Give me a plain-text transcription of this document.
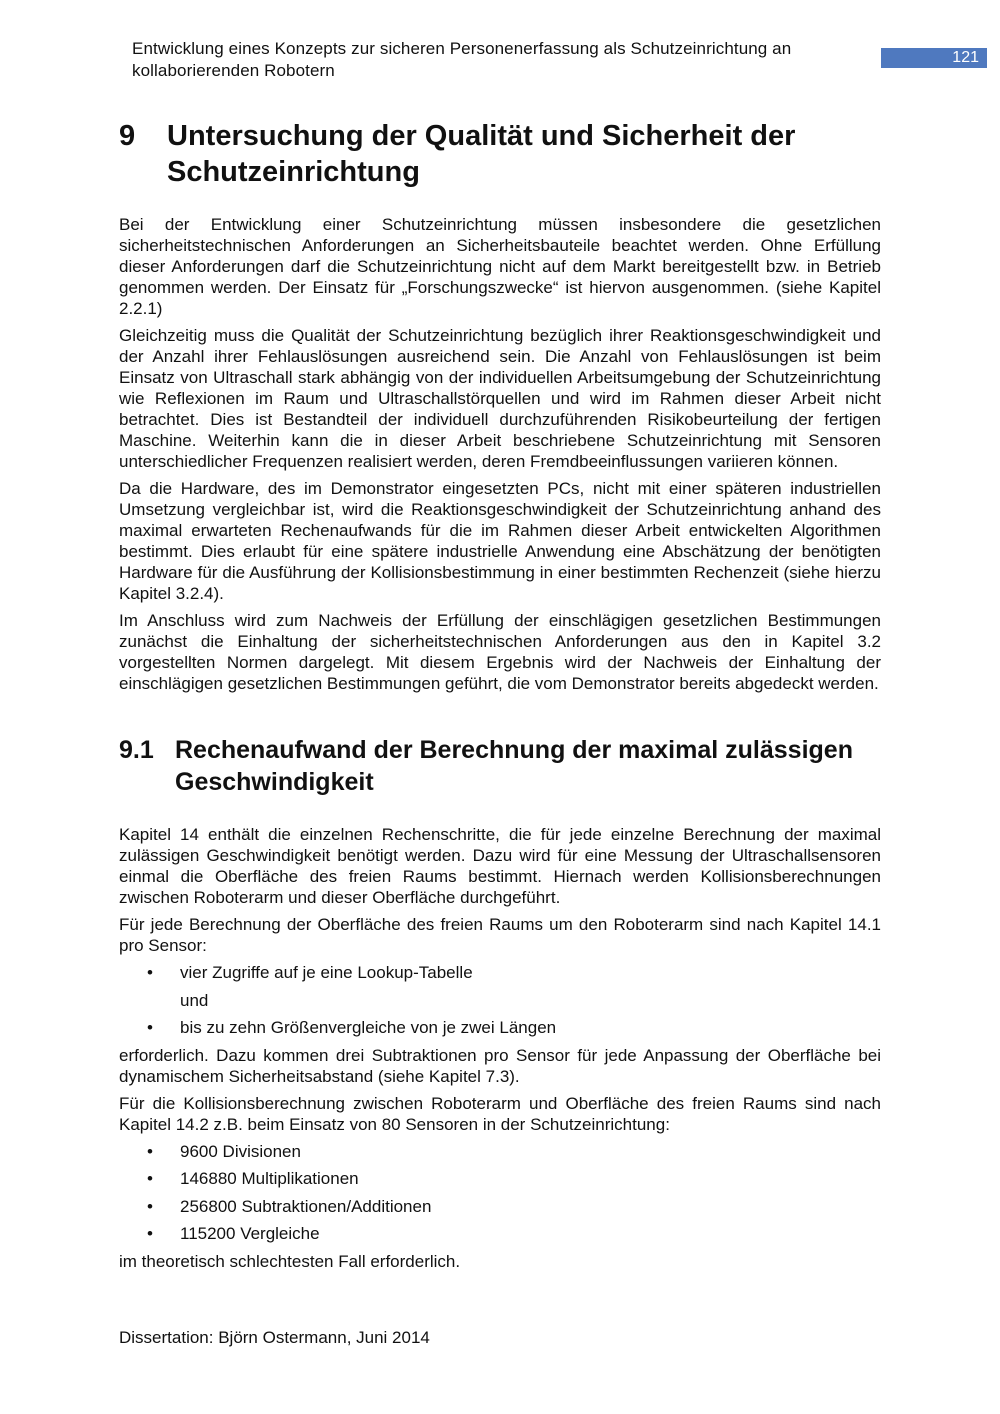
Entwicklung eines Konzepts zur sicheren Personenerfassung als Schutzeinrichtung an kollaborierenden Robotern
121
9	Untersuchung der Qualität und Sicherheit der Schutzeinrichtung

Bei der Entwicklung einer Schutzeinrichtung müssen insbesondere die gesetzlichen sicherheitstechnischen Anforderungen an Sicherheitsbauteile beachtet werden. Ohne Erfüllung dieser Anforderungen darf die Schutzeinrichtung nicht auf dem Markt bereitgestellt bzw. in Betrieb genommen werden. Der Einsatz für „Forschungszwecke“ ist hiervon ausgenommen. (siehe Kapitel 2.2.1)

Gleichzeitig muss die Qualität der Schutzeinrichtung bezüglich ihrer Reaktionsgeschwindigkeit und der Anzahl ihrer Fehlauslösungen ausreichend sein. Die Anzahl von Fehlauslösungen ist beim Einsatz von Ultraschall stark abhängig von der individuellen Arbeitsumgebung der Schutzeinrichtung wie Reflexionen im Raum und Ultraschallstörquellen und wird im Rahmen dieser Arbeit nicht betrachtet. Dies ist Bestandteil der individuell durchzuführenden Risikobeurteilung der fertigen Maschine. Weiterhin kann die in dieser Arbeit beschriebene Schutzeinrichtung mit Sensoren unterschiedlicher Frequenzen realisiert werden, deren Fremdbeeinflussungen variieren können.

Da die Hardware, des im Demonstrator eingesetzten PCs, nicht mit einer späteren industriellen Umsetzung vergleichbar ist, wird die Reaktionsgeschwindigkeit der Schutzeinrichtung anhand des maximal erwarteten Rechenaufwands für die im Rahmen dieser Arbeit entwickelten Algorithmen bestimmt. Dies erlaubt für eine spätere industrielle Anwendung eine Abschätzung der benötigten Hardware für die Ausführung der Kollisionsbestimmung in einer bestimmten Rechenzeit (siehe hierzu Kapitel 3.2.4).

Im Anschluss wird zum Nachweis der Erfüllung der einschlägigen gesetzlichen Bestimmungen zunächst die Einhaltung der sicherheitstechnischen Anforderungen aus den in Kapitel 3.2 vorgestellten Normen dargelegt. Mit diesem Ergebnis wird der Nachweis der Einhaltung der einschlägigen gesetzlichen Bestimmungen geführt, die vom Demonstrator bereits abgedeckt werden.

9.1 Rechenaufwand der Berechnung der maximal zulässigen Geschwindigkeit

Kapitel 14 enthält die einzelnen Rechenschritte, die für jede einzelne Berechnung der maximal zulässigen Geschwindigkeit benötigt werden. Dazu wird für eine Messung der Ultraschallsensoren einmal die Oberfläche des freien Raums bestimmt. Hiernach werden Kollisionsberechnungen zwischen Roboterarm und dieser Oberfläche durchgeführt.

Für jede Berechnung der Oberfläche des freien Raums um den Roboterarm sind nach Kapitel 14.1 pro Sensor:

• vier Zugriffe auf je eine Lookup-Tabelle
und
• bis zu zehn Größenvergleiche von je zwei Längen

erforderlich. Dazu kommen drei Subtraktionen pro Sensor für jede Anpassung der Oberfläche bei dynamischem Sicherheitsabstand (siehe Kapitel 7.3).

Für die Kollisionsberechnung zwischen Roboterarm und Oberfläche des freien Raums sind nach Kapitel 14.2 z.B. beim Einsatz von 80 Sensoren in der Schutzeinrichtung:

• 9600 Divisionen
• 146880 Multiplikationen
• 256800 Subtraktionen/Additionen
• 115200 Vergleiche

im theoretisch schlechtesten Fall erforderlich.

Dissertation: Björn Ostermann, Juni 2014
